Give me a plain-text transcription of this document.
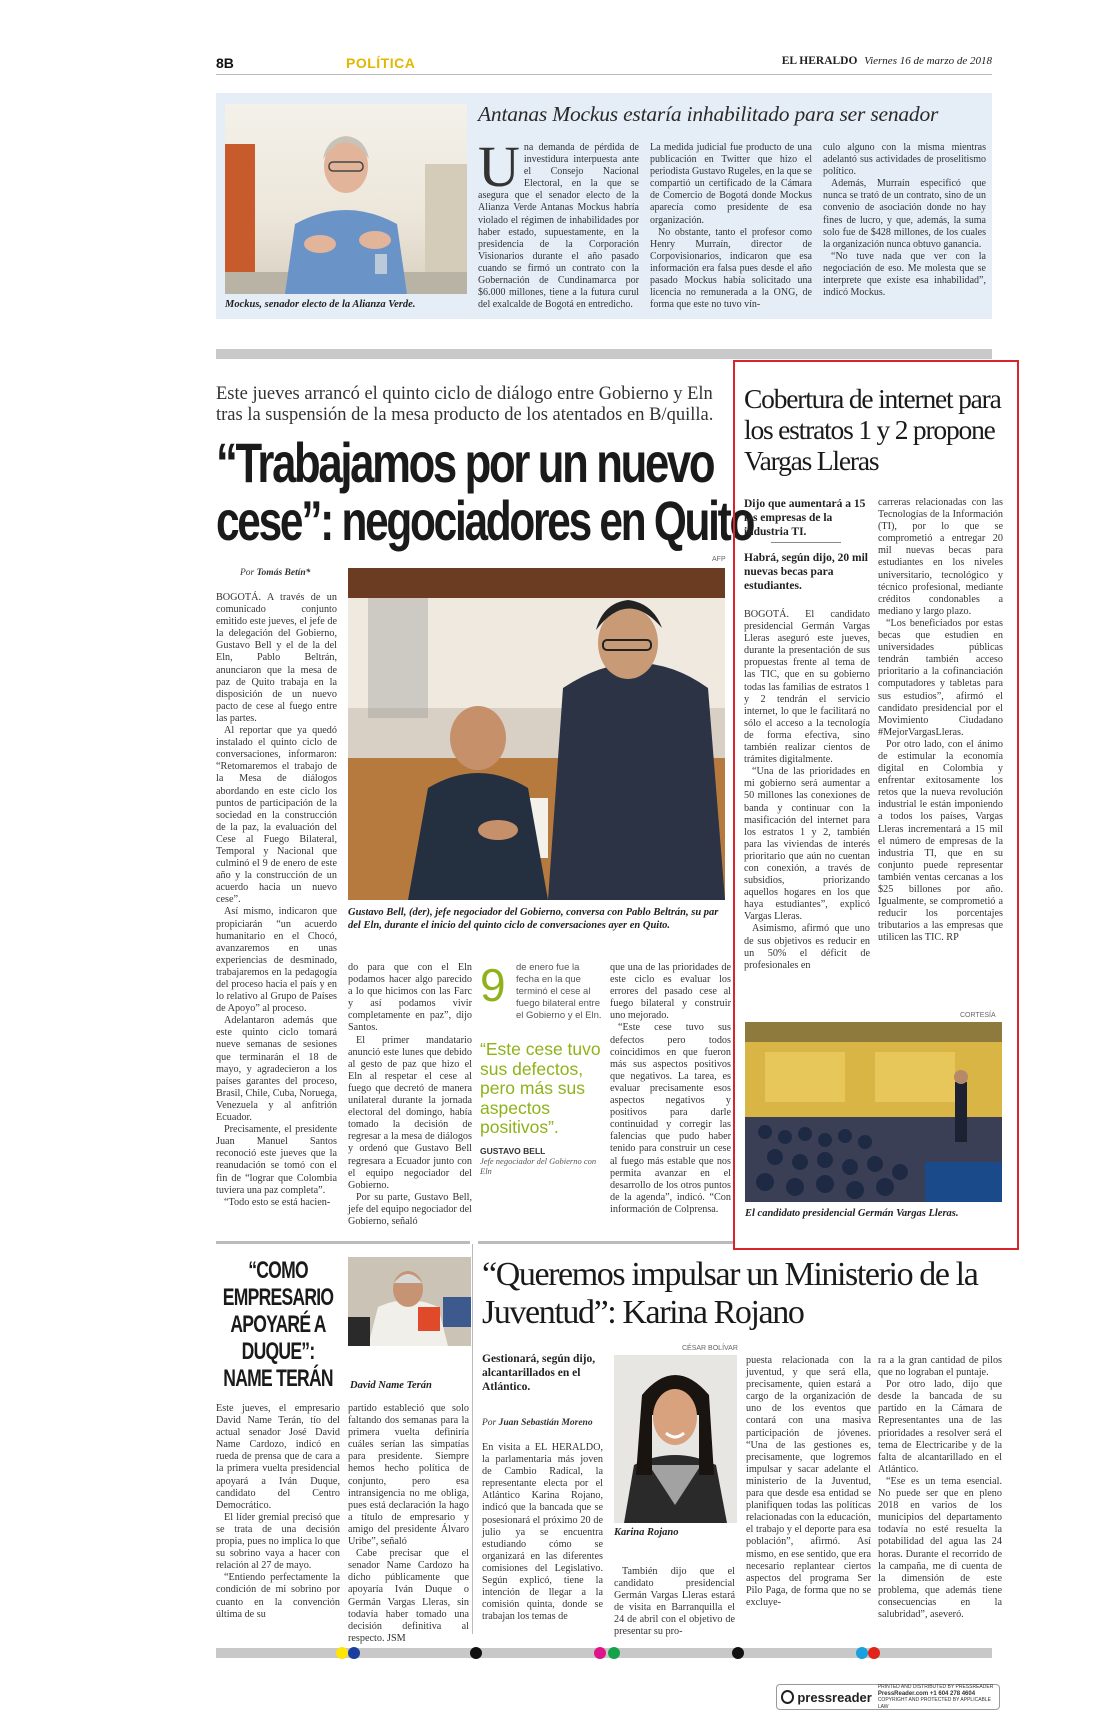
8B	POLÍTICA	EL HERALDO Viernes 16 de marzo de 2018
Mockus, senador electo de la Alianza Verde.
Antanas Mockus estaría inhabilitado para ser senador
U na demanda de pérdida de investidura interpuesta ante el Consejo Nacional Electoral, en la que se asegura que el senador electo de la Alianza Verde Antanas Mockus habría violado el régimen de inhabilidades por haber estado, supuestamente, en la presidencia de la Corporación Visionarios durante el año pasado cuando se firmó un contrato con la Gobernación de Cundinamarca por $6.000 millones, tiene a la futura curul del exalcalde de Bogotá en entredicho.

La medida judicial fue producto de una publicación en Twitter que hizo el periodista Gustavo Rugeles, en la que se compartió un certificado de la Cámara de Comercio de Bogotá donde Mockus aparecía como presidente de esa organización.

No obstante, tanto el profesor como Henry Murraín, director de Corpovisionarios, indicaron que esa información era falsa pues desde el año pasado Mockus había solicitado una licencia no remunerada a la ONG, de forma que este no tuvo vín-

culo alguno con la misma mientras adelantó sus actividades de proselitismo político.

Además, Murraín especificó que nunca se trató de un contrato, sino de un convenio de asociación donde no hay fines de lucro, y que, además, la suma solo fue de $428 millones, de los cuales la organización nunca obtuvo ganancia.

“No tuve nada que ver con la negociación de eso. Me molesta que se interprete que existe esa inhabilidad”, indicó Mockus.

Este jueves arrancó el quinto ciclo de diálogo entre Gobierno y Eln tras la suspensión de la mesa producto de los atentados en B/quilla.
“Trabajamos por un nuevo
cese”: negociadores en Quito
AFP
Por Tomás Betín*

BOGOTÁ. A través de un comunicado conjunto emitido este jueves, el jefe de la delegación del Gobierno, Gustavo Bell y el de la del Eln, Pablo Beltrán, anunciaron que la mesa de paz de Quito trabaja en la disposición de un nuevo pacto de cese al fuego entre las partes.

Al reportar que ya quedó instalado el quinto ciclo de conversaciones, informaron: “Retomaremos el trabajo de la Mesa de diálogos abordando en este ciclo los puntos de participación de la sociedad en la construcción de la paz, la evaluación del Cese al Fuego Bilateral, Temporal y Nacional que culminó el 9 de enero de este año y la construcción de un acuerdo hacia un nuevo cese”.

Así mismo, indicaron que propiciarán “un acuerdo humanitario en el Chocó, avanzaremos en unas experiencias de desminado, trabajaremos en la pedagogía del proceso hacia el país y en lo relativo al Grupo de Países de Apoyo” al proceso.

Adelantaron además que este quinto ciclo tomará nueve semanas de sesiones que terminarán el 18 de mayo, y agradecieron a los países garantes del proceso, Brasil, Chile, Cuba, Noruega, Venezuela y al anfitrión Ecuador.

Precisamente, el presidente Juan Manuel Santos reconoció este jueves que la reanudación se tomó con el fin de “lograr que Colombia tuviera una paz completa”.

“Todo esto se está hacien-

Gustavo Bell, (der), jefe negociador del Gobierno, conversa con Pablo Beltrán, su par del Eln, durante el inicio del quinto ciclo de conversaciones ayer en Quito.

do para que con el Eln podamos hacer algo parecido a lo que hicimos con las Farc y así podamos vivir completamente en paz”, dijo Santos.

El primer mandatario anunció este lunes que debido al gesto de paz que hizo el Eln al respetar el cese al fuego que decretó de manera unilateral durante la jornada electoral del domingo, había tomado la decisión de regresar a la mesa de diálogos y ordenó que Gustavo Bell regresara a Ecuador junto con el equipo negociador del Gobierno.

Por su parte, Gustavo Bell, jefe del equipo negociador del Gobierno, señaló

9 de enero fue la fecha en la que terminó el cese al fuego bilateral entre el Gobierno y el Eln.
“Este cese tuvo sus defectos, pero más sus aspectos positivos”.
GUSTAVO BELL
Jefe negociador del Gobierno con Eln

que una de las prioridades de este ciclo es evaluar los errores del pasado cese al fuego bilateral y construir uno mejorado.

“Este cese tuvo sus defectos pero todos coincidimos en que fueron más sus aspectos positivos que negativos. La tarea, es evaluar precisamente esos aspectos negativos y positivos para darle continuidad y corregir las falencias que pudo haber tenido para construir un cese al fuego más estable que nos permita avanzar en el desarrollo de los otros puntos de la agenda”, indicó. “Con información de Colprensa.

Cobertura de internet para los estratos 1 y 2 propone Vargas Lleras
Dijo que aumentará a 15 las empresas de la industria TI.
Habrá, según dijo, 20 mil nuevas becas para estudiantes.

BOGOTÁ. El candidato presidencial Germán Vargas Lleras aseguró este jueves, durante la presentación de sus propuestas frente al tema de las TIC, que en su gobierno todas las familias de estratos 1 y 2 tendrán el servicio internet, lo que le facilitará no sólo el acceso a la tecnología de forma efectiva, sino también realizar cientos de trámites digitalmente.

“Una de las prioridades en mi gobierno será aumentar a 50 millones las conexiones de banda y continuar con la masificación del internet para los estratos 1 y 2, también para las viviendas de interés prioritario que aún no cuentan con conexión, a través de subsidios, priorizando aquellos hogares en los que haya estudiantes”, explicó Vargas Lleras.

Asimismo, afirmó que uno de sus objetivos es reducir en un 50% el déficit de profesionales en

carreras relacionadas con las Tecnologías de la Información (TI), por lo que se comprometió a entregar 20 mil nuevas becas para estudiantes en los niveles universitario, tecnológico y técnico profesional, mediante créditos condonables a mediano y largo plazo.

“Los beneficiados por estas becas que estudien en universidades públicas tendrán también acceso prioritario a la cofinanciación computadores y tabletas para sus estudios”, afirmó el candidato presidencial por el Movimiento Ciudadano #MejorVargasLleras.

Por otro lado, con el ánimo de estimular la economía digital en Colombia y enfrentar exitosamente los retos que la nueva revolución industrial le están imponiendo a todos los países, Vargas Lleras incrementará a 15 mil el número de empresas de la industria TI, que en su conjunto puede representar también ventas cercanas a los $25 billones por año. Igualmente, se comprometió a reducir los porcentajes tributarios a las empresas que utilicen las TIC. RP

CORTESÍA
El candidato presidencial Germán Vargas Lleras.
“COMO EMPRESARIO APOYARÉ A DUQUE”: NAME TERÁN	David Name Terán

Este jueves, el empresario David Name Terán, tío del actual senador José David Name Cardozo, indicó en rueda de prensa que de cara a la primera vuelta presidencial apoyará a Iván Duque, candidato del Centro Democrático.

El líder gremial precisó que se trata de una decisión propia, pues no implica lo que su sobrino vaya a hacer con relación al 27 de mayo.

“Entiendo perfectamente la condición de mi sobrino por cuanto en la convención última de su

partido estableció que solo faltando dos semanas para la primera vuelta definiría cuáles serían las simpatías para presidente. Siempre hemos hecho política de conjunto, pero esa intransigencia no me obliga, pues está declaración la hago a título de empresario y amigo del presidente Álvaro Uribe”, señaló

Cabe precisar que el senador Name Cardozo ha dicho públicamente que apoyaría Iván Duque o Germán Vargas Lleras, sin todavía haber tomado una decisión definitiva al respecto. JSM

“Queremos impulsar un Ministerio de la Juventud”: Karina Rojano
Gestionará, según dijo, alcantarillados en el Atlántico.
Por Juan Sebastián Moreno
CÉSAR BOLÍVAR
Karina Rojano

En visita a EL HERALDO, la parlamentaria más joven de Cambio Radical, la representante electa por el Atlántico Karina Rojano, indicó que la bancada que se posesionará el próximo 20 de julio ya se encuentra estudiando cómo se organizará en las diferentes comisiones del Legislativo. Según explicó, tiene la intención de llegar a la comisión quinta, donde se trabajan los temas de

También dijo que el candidato presidencial Germán Vargas Lleras estará de visita en Barranquilla el 24 de abril con el objetivo de presentar su pro-

puesta relacionada con la juventud, y que será ella, precisamente, quien estará a cargo de la organización de uno de los eventos que contará con una masiva participación de jóvenes. “Una de las gestiones es, precisamente, que logremos impulsar y sacar adelante el ministerio de la Juventud, para que desde esa entidad se planifiquen todas las políticas relacionadas con la educación, el trabajo y el deporte para esa población”, afirmó. Así mismo, en ese sentido, que era necesario replantear ciertos aspectos del programa Ser Pilo Paga, de forma que no se excluye-

ra a la gran cantidad de pilos que no lograban el puntaje.

Por otro lado, dijo que desde la bancada de su partido en la Cámara de Representantes una de las prioridades a resolver será el tema de Electricaribe y de la falta de alcantarillado en el Atlántico.

“Ese es un tema esencial. No puede ser que en pleno 2018 en varios de los municipios del departamento todavía no esté resuelta la potabilidad del agua las 24 horas. Durante el recorrido de la campaña, me di cuenta de la dimensión de este problema, que además tiene consecuencias en la salubridad”, aseveró.

pressreader
PRINTED AND DISTRIBUTED BY PRESSREADER
PressReader.com +1 604 278 4604
COPYRIGHT AND PROTECTED BY APPLICABLE LAW
